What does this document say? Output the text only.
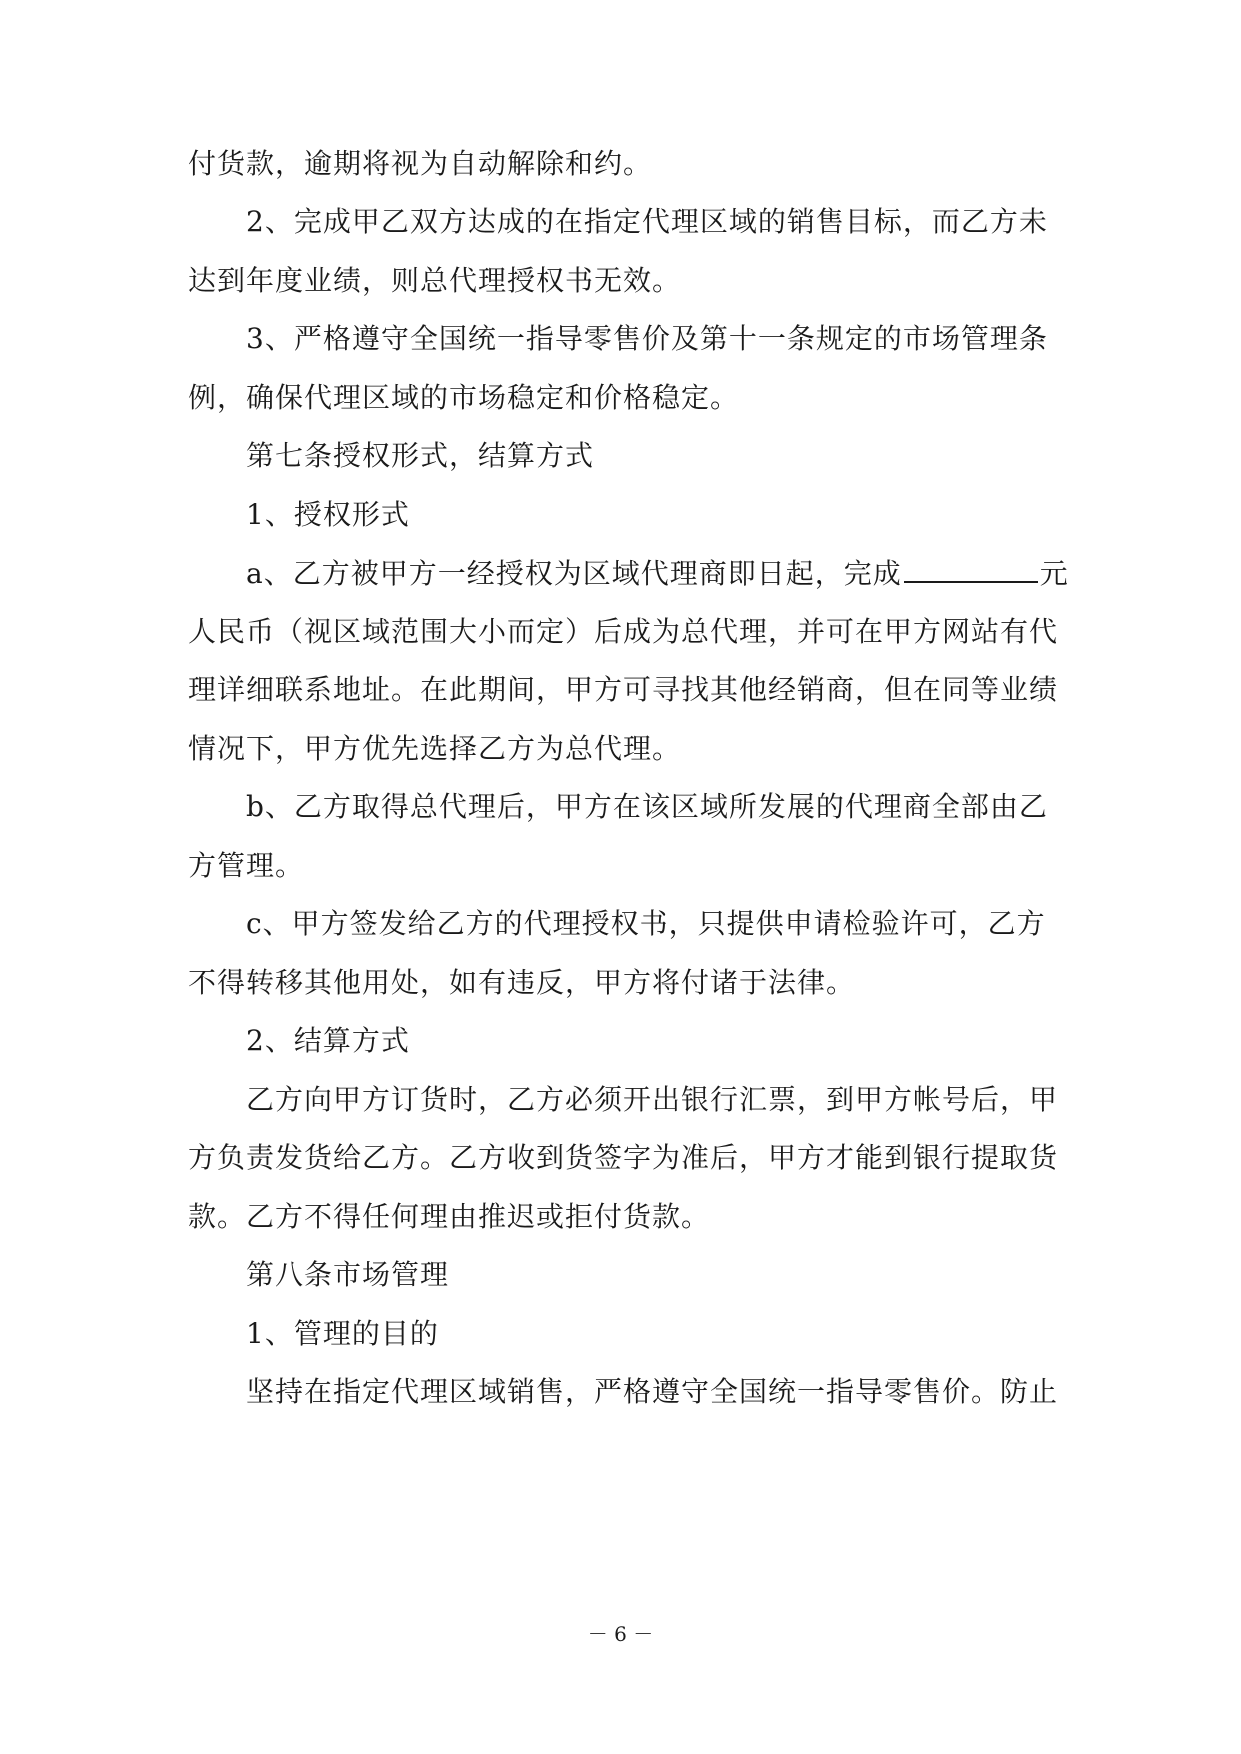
付货款，逾期将视为自动解除和约。
2、完成甲乙双方达成的在指定代理区域的销售目标，而乙方未
达到年度业绩，则总代理授权书无效。
3、严格遵守全国统一指导零售价及第十一条规定的市场管理条
例，确保代理区域的市场稳定和价格稳定。
第七条授权形式，结算方式
1、授权形式
a、乙方被甲方一经授权为区域代理商即日起，完成	元
人民币（视区域范围大小而定）后成为总代理，并可在甲方网站有代
理详细联系地址。在此期间，甲方可寻找其他经销商，但在同等业绩
情况下，甲方优先选择乙方为总代理。
b、乙方取得总代理后，甲方在该区域所发展的代理商全部由乙
方管理。
c、甲方签发给乙方的代理授权书，只提供申请检验许可，乙方
不得转移其他用处，如有违反，甲方将付诸于法律。
2、结算方式
乙方向甲方订货时，乙方必须开出银行汇票，到甲方帐号后，甲
方负责发货给乙方。乙方收到货签字为准后，甲方才能到银行提取货
款。乙方不得任何理由推迟或拒付货款。
第八条市场管理
1、管理的目的
坚持在指定代理区域销售，严格遵守全国统一指导零售价。防止
－ 6 －
